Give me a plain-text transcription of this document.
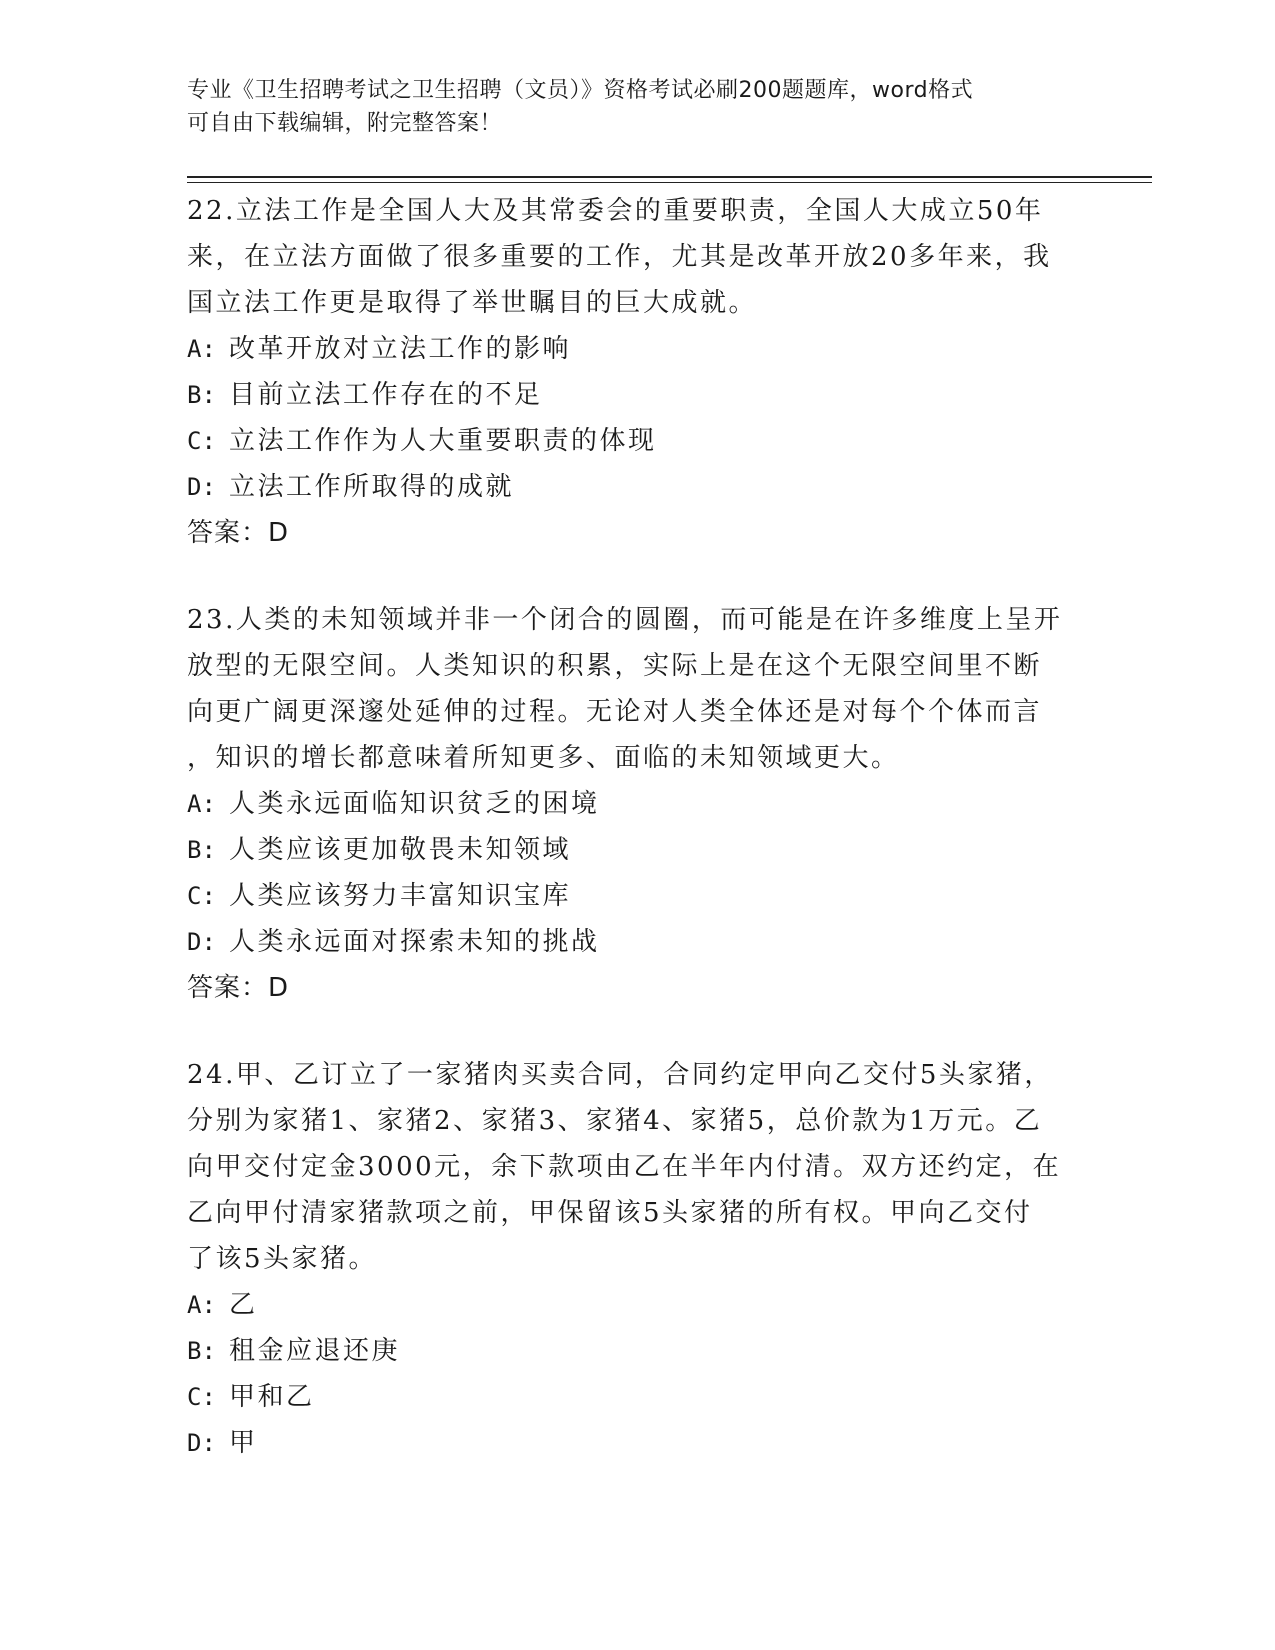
专业《卫生招聘考试之卫生招聘（文员）》资格考试必刷200题题库，word格式
可自由下载编辑，附完整答案！
22.立法工作是全国人大及其常委会的重要职责，全国人大成立50年
来，在立法方面做了很多重要的工作，尤其是改革开放20多年来，我
国立法工作更是取得了举世瞩目的巨大成就。
A: 改革开放对立法工作的影响
B: 目前立法工作存在的不足
C: 立法工作作为人大重要职责的体现
D: 立法工作所取得的成就
答案：D
23.人类的未知领域并非一个闭合的圆圈，而可能是在许多维度上呈开
放型的无限空间。人类知识的积累，实际上是在这个无限空间里不断
向更广阔更深邃处延伸的过程。无论对人类全体还是对每个个体而言
，知识的增长都意味着所知更多、面临的未知领域更大。
A: 人类永远面临知识贫乏的困境
B: 人类应该更加敬畏未知领域
C: 人类应该努力丰富知识宝库
D: 人类永远面对探索未知的挑战
答案：D
24.甲、乙订立了一家猪肉买卖合同，合同约定甲向乙交付5头家猪，
分别为家猪1、家猪2、家猪3、家猪4、家猪5，总价款为1万元。乙
向甲交付定金3000元，余下款项由乙在半年内付清。双方还约定，在
乙向甲付清家猪款项之前，甲保留该5头家猪的所有权。甲向乙交付
了该5头家猪。
A: 乙
B: 租金应退还庚
C: 甲和乙
D: 甲
